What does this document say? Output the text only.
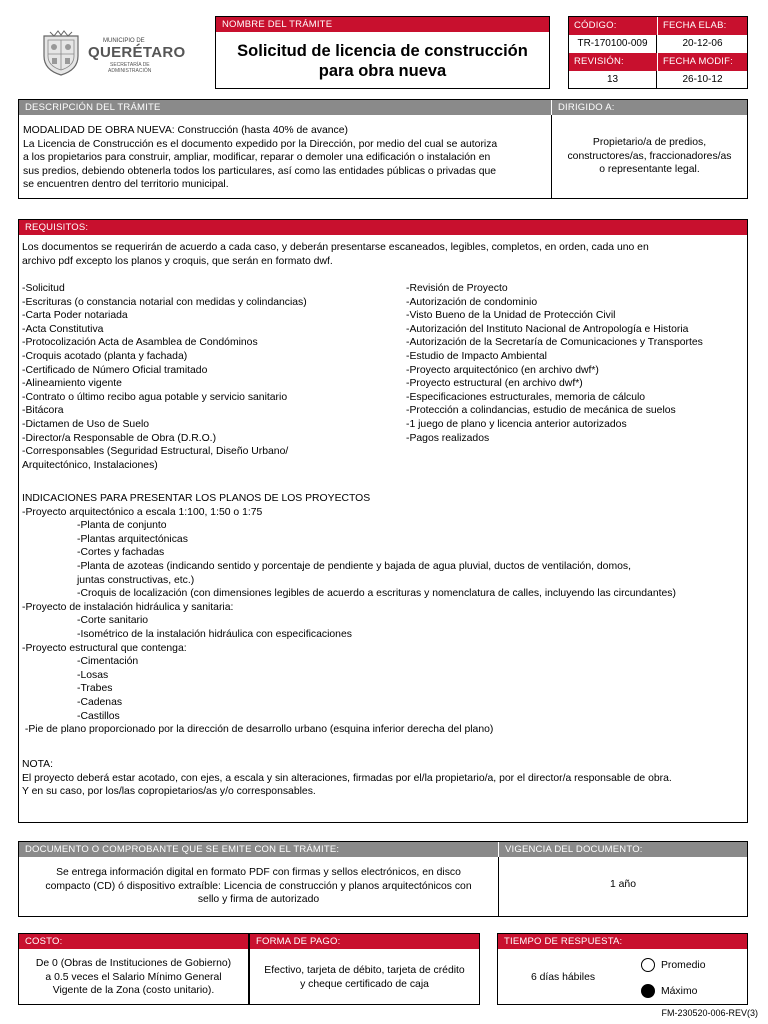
MUNICIPIO DE
QUERÉTARO
SECRETARÍA DE
ADMINISTRACIÓN
NOMBRE DEL TRÁMITE
Solicitud de licencia de construcción
para obra nueva
CÓDIGO:	FECHA ELAB:
TR-170100-009	20-12-06
REVISIÓN:	FECHA MODIF:
13	26-10-12
DESCRIPCIÓN DEL TRÁMITE	DIRIGIDO A:
MODALIDAD DE OBRA NUEVA: Construcción (hasta 40% de avance)
La Licencia de Construcción es el documento expedido por la Dirección, por medio del cual se autoriza
a los propietarios para construir, ampliar, modificar, reparar o demoler una edificación o instalación en
sus predios, debiendo obtenerla todos los particulares, así como las entidades públicas o privadas que
se encuentren dentro del territorio municipal.
Propietario/a de predios,
constructores/as, fraccionadores/as
o representante legal.
REQUISITOS:
Los documentos se requerirán de acuerdo a cada caso, y deberán presentarse escaneados, legibles, completos, en orden, cada uno en
archivo pdf excepto los planos y croquis, que serán en formato dwf.
-Solicitud
-Escrituras (o constancia notarial con medidas y colindancias)
-Carta Poder notariada
-Acta Constitutiva
-Protocolización Acta de Asamblea de Condóminos
-Croquis acotado (planta y fachada)
-Certificado de Número Oficial tramitado
-Alineamiento vigente
-Contrato o último recibo agua potable y servicio sanitario
-Bitácora
-Dictamen de Uso de Suelo
-Director/a Responsable de Obra (D.R.O.)
-Corresponsables (Seguridad Estructural, Diseño Urbano/
Arquitectónico, Instalaciones)
-Revisión de Proyecto
-Autorización de condominio
-Visto Bueno de la Unidad de Protección Civil
-Autorización del Instituto Nacional de Antropología e Historia
-Autorización de la Secretaría de Comunicaciones y Transportes
-Estudio de Impacto Ambiental
-Proyecto arquitectónico (en archivo dwf*)
-Proyecto estructural (en archivo dwf*)
-Especificaciones estructurales, memoria de cálculo
-Protección a colindancias, estudio de mecánica de suelos
-1 juego de plano y licencia anterior autorizados
-Pagos realizados
INDICACIONES PARA PRESENTAR LOS PLANOS DE LOS PROYECTOS
-Proyecto arquitectónico a escala 1:100, 1:50 o 1:75
-Planta de conjunto
-Plantas arquitectónicas
-Cortes y fachadas
-Planta de azoteas (indicando sentido y porcentaje de pendiente y bajada de agua pluvial, ductos de ventilación, domos,
juntas constructivas, etc.)
-Croquis de localización (con dimensiones legibles de acuerdo a escrituras y nomenclatura de calles, incluyendo las circundantes)
-Proyecto de instalación hidráulica y sanitaria:
-Corte sanitario
-Isométrico de la instalación hidráulica con especificaciones
-Proyecto estructural que contenga:
-Cimentación
-Losas
-Trabes
-Cadenas
-Castillos
-Pie de plano proporcionado por la dirección de desarrollo urbano (esquina inferior derecha del plano)
NOTA:
El proyecto deberá estar acotado, con ejes, a escala y sin alteraciones, firmadas por el/la propietario/a, por el director/a responsable de obra.
Y en su caso, por los/las copropietarios/as y/o corresponsables.
DOCUMENTO O COMPROBANTE QUE SE EMITE CON EL TRÁMITE:	VIGENCIA DEL DOCUMENTO:
Se entrega información digital en formato PDF con firmas y sellos electrónicos, en disco
compacto (CD) ó dispositivo extraíble: Licencia de construcción y planos arquitectónicos con
sello y firma de autorizado
1 año
COSTO:
De 0 (Obras de Instituciones de Gobierno)
a 0.5 veces el Salario Mínimo General
Vigente de la Zona (costo unitario).
FORMA DE PAGO:
Efectivo, tarjeta de débito, tarjeta de crédito
y cheque certificado de caja
TIEMPO DE RESPUESTA:
6 días hábiles
Promedio
Máximo
FM-230520-006-REV(3)
